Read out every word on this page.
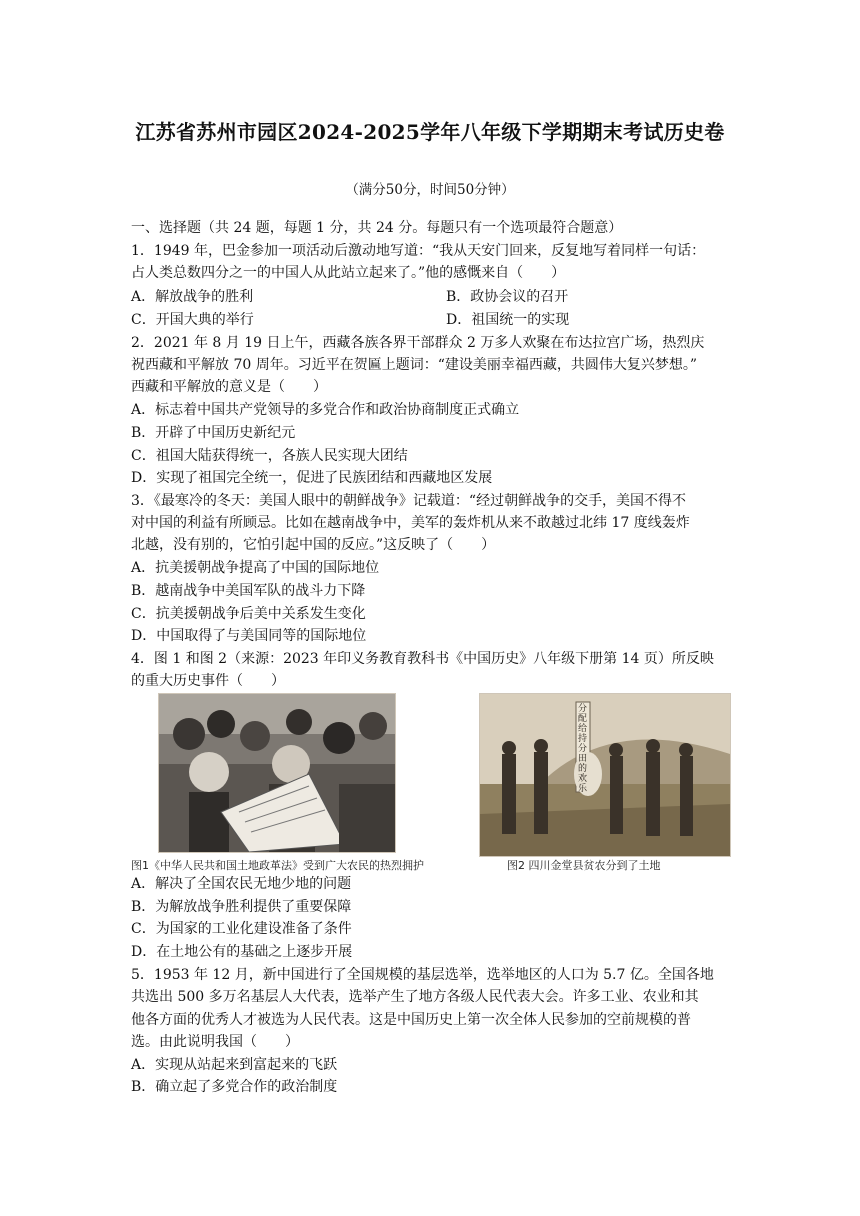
江苏省苏州市园区2024-2025学年八年级下学期期末考试历史卷
（满分50分，时间50分钟）
一、选择题（共 24 题，每题 1 分，共 24 分。每题只有一个选项最符合题意）
1．1949 年，巴金参加一项活动后激动地写道：“我从天安门回来，反复地写着同样一句话：
占人类总数四分之一的中国人从此站立起来了。”他的感慨来自（　　）
A．解放战争的胜利	B．政协会议的召开
C．开国大典的举行	D．祖国统一的实现
2．2021 年 8 月 19 日上午，西藏各族各界干部群众 2 万多人欢聚在布达拉宫广场，热烈庆
祝西藏和平解放 70 周年。习近平在贺匾上题词：“建设美丽幸福西藏，共圆伟大复兴梦想。”
西藏和平解放的意义是（　　）
A．标志着中国共产党领导的多党合作和政治协商制度正式确立
B．开辟了中国历史新纪元
C．祖国大陆获得统一，各族人民实现大团结
D．实现了祖国完全统一，促进了民族团结和西藏地区发展
3．《最寒冷的冬天：美国人眼中的朝鲜战争》记载道：“经过朝鲜战争的交手，美国不得不
对中国的利益有所顾忌。比如在越南战争中，美军的轰炸机从来不敢越过北纬 17 度线轰炸
北越，没有别的，它怕引起中国的反应。”这反映了（　　）
A．抗美援朝战争提高了中国的国际地位
B．越南战争中美国军队的战斗力下降
C．抗美援朝战争后美中关系发生变化
D．中国取得了与美国同等的国际地位
4．图 1 和图 2（来源：2023 年印义务教育教科书《中国历史》八年级下册第 14 页）所反映
的重大历史事件（　　）
图1《中华人民共和国土地政革法》受到广大农民的热烈拥护
分配给持分田的欢乐
图2 四川金堂县贫农分到了土地
A．解决了全国农民无地少地的问题
B．为解放战争胜利提供了重要保障
C．为国家的工业化建设准备了条件
D．在土地公有的基础之上逐步开展
5．1953 年 12 月，新中国进行了全国规模的基层选举，选举地区的人口为 5.7 亿。全国各地
共选出 500 多万名基层人大代表，选举产生了地方各级人民代表大会。许多工业、农业和其
他各方面的优秀人才被选为人民代表。这是中国历史上第一次全体人民参加的空前规模的普
选。由此说明我国（　　）
A．实现从站起来到富起来的飞跃
B．确立起了多党合作的政治制度
